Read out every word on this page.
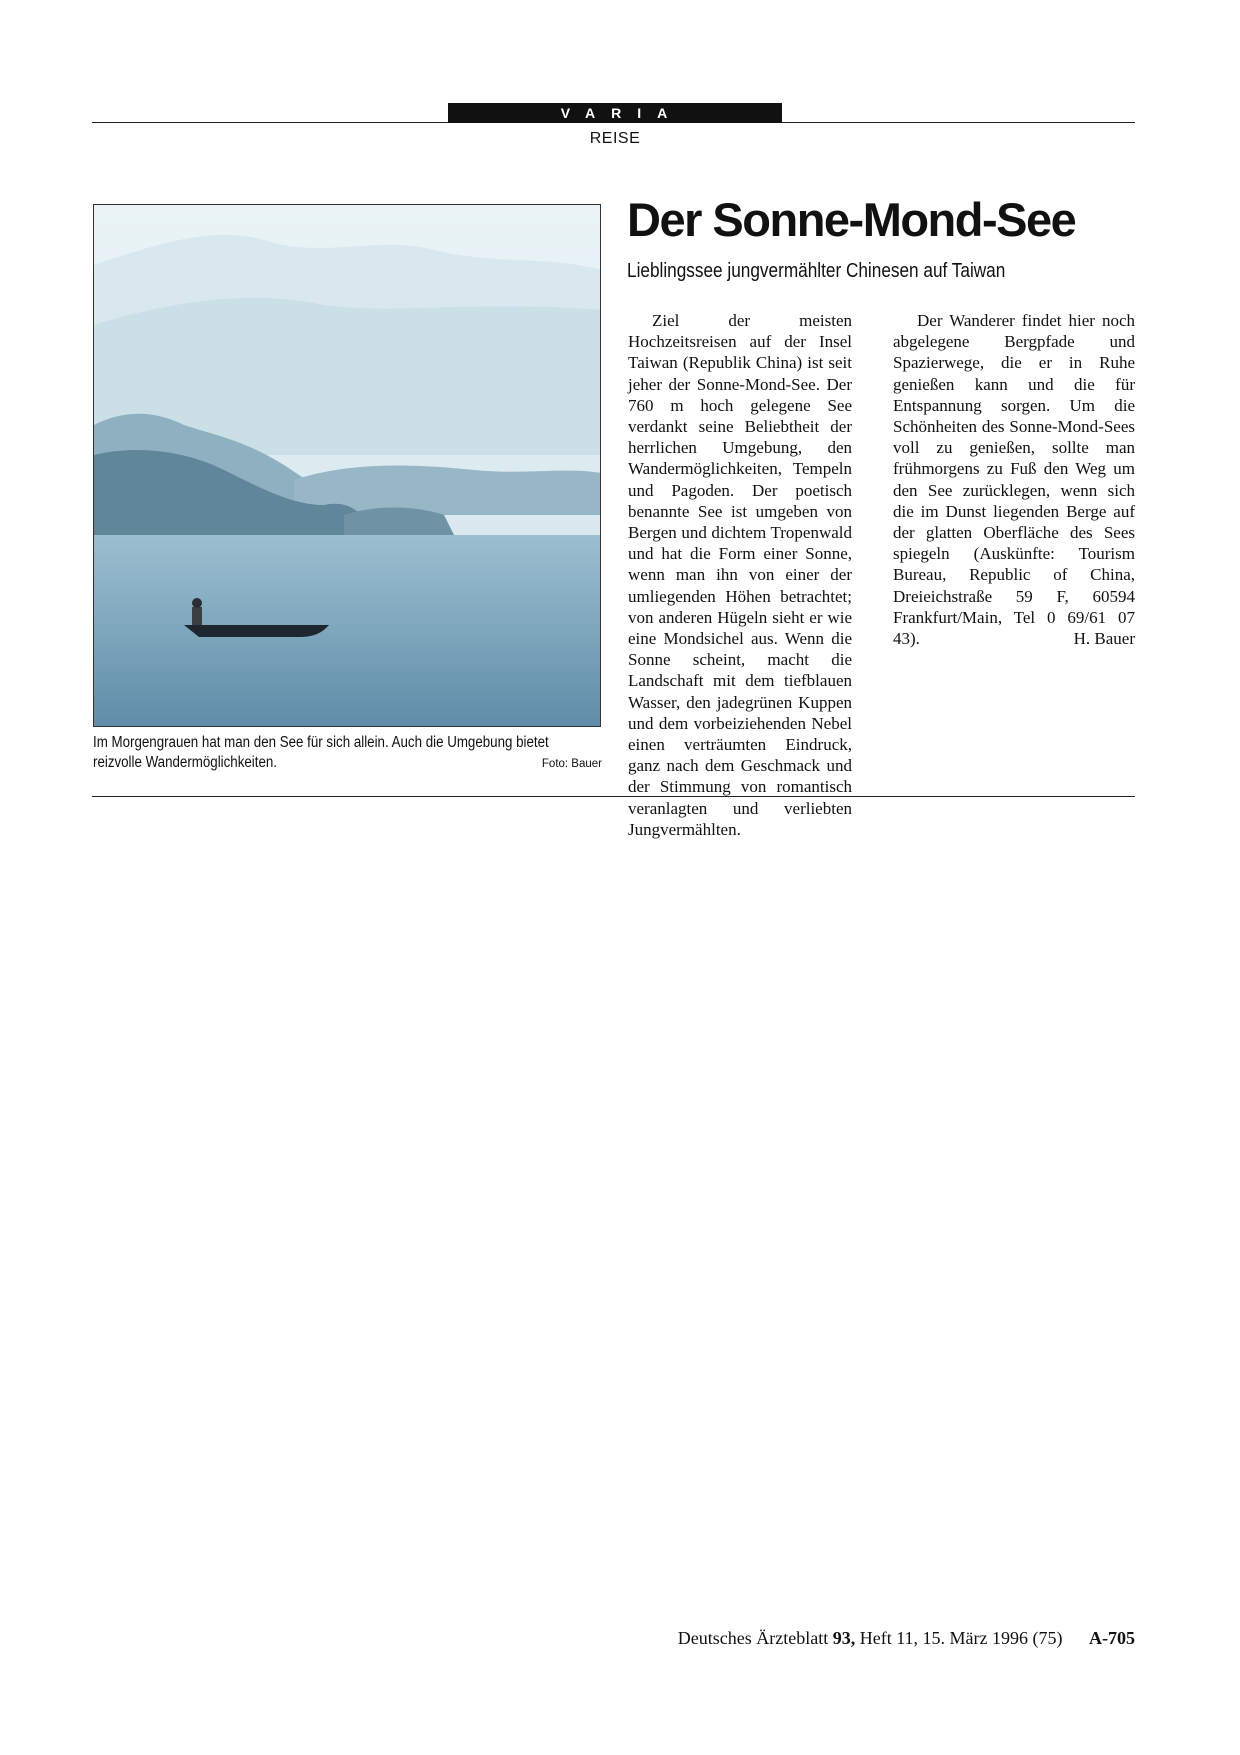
VARIA
REISE
Im Morgengrauen hat man den See für sich allein. Auch die Umgebung bietet reizvolle Wandermöglichkeiten.	Foto: Bauer
Der Sonne-Mond-See
Lieblingssee jungvermählter Chinesen auf Taiwan

Ziel der meisten Hochzeitsreisen auf der Insel Taiwan (Republik China) ist seit jeher der Sonne-Mond-See. Der 760 m hoch gelegene See verdankt seine Beliebtheit der herrlichen Umgebung, den Wandermöglichkeiten, Tempeln und Pagoden. Der poetisch benannte See ist umgeben von Bergen und dichtem Tropenwald und hat die Form einer Sonne, wenn man ihn von einer der umliegenden Höhen betrachtet; von anderen Hügeln sieht er wie eine Mondsichel aus. Wenn die Sonne scheint, macht die Landschaft mit dem tiefblauen Wasser, den jadegrünen Kuppen und dem vorbeiziehenden Nebel einen verträumten Eindruck, ganz nach dem Geschmack und der Stimmung von romantisch veranlagten und verliebten Jungvermählten.

Der Wanderer findet hier noch abgelegene Bergpfade und Spazierwege, die er in Ruhe genießen kann und die für Entspannung sorgen. Um die Schönheiten des Sonne-Mond-Sees voll zu genießen, sollte man frühmorgens zu Fuß den Weg um den See zurücklegen, wenn sich die im Dunst liegenden Berge auf der glatten Oberfläche des Sees spiegeln (Auskünfte: Tourism Bureau, Republic of China, Dreieichstraße 59 F, 60594 Frankfurt/Main, Tel 0 69/61 07 43).	H. Bauer

Deutsches Ärzteblatt 93, Heft 11, 15. März 1996 (75) A-705
